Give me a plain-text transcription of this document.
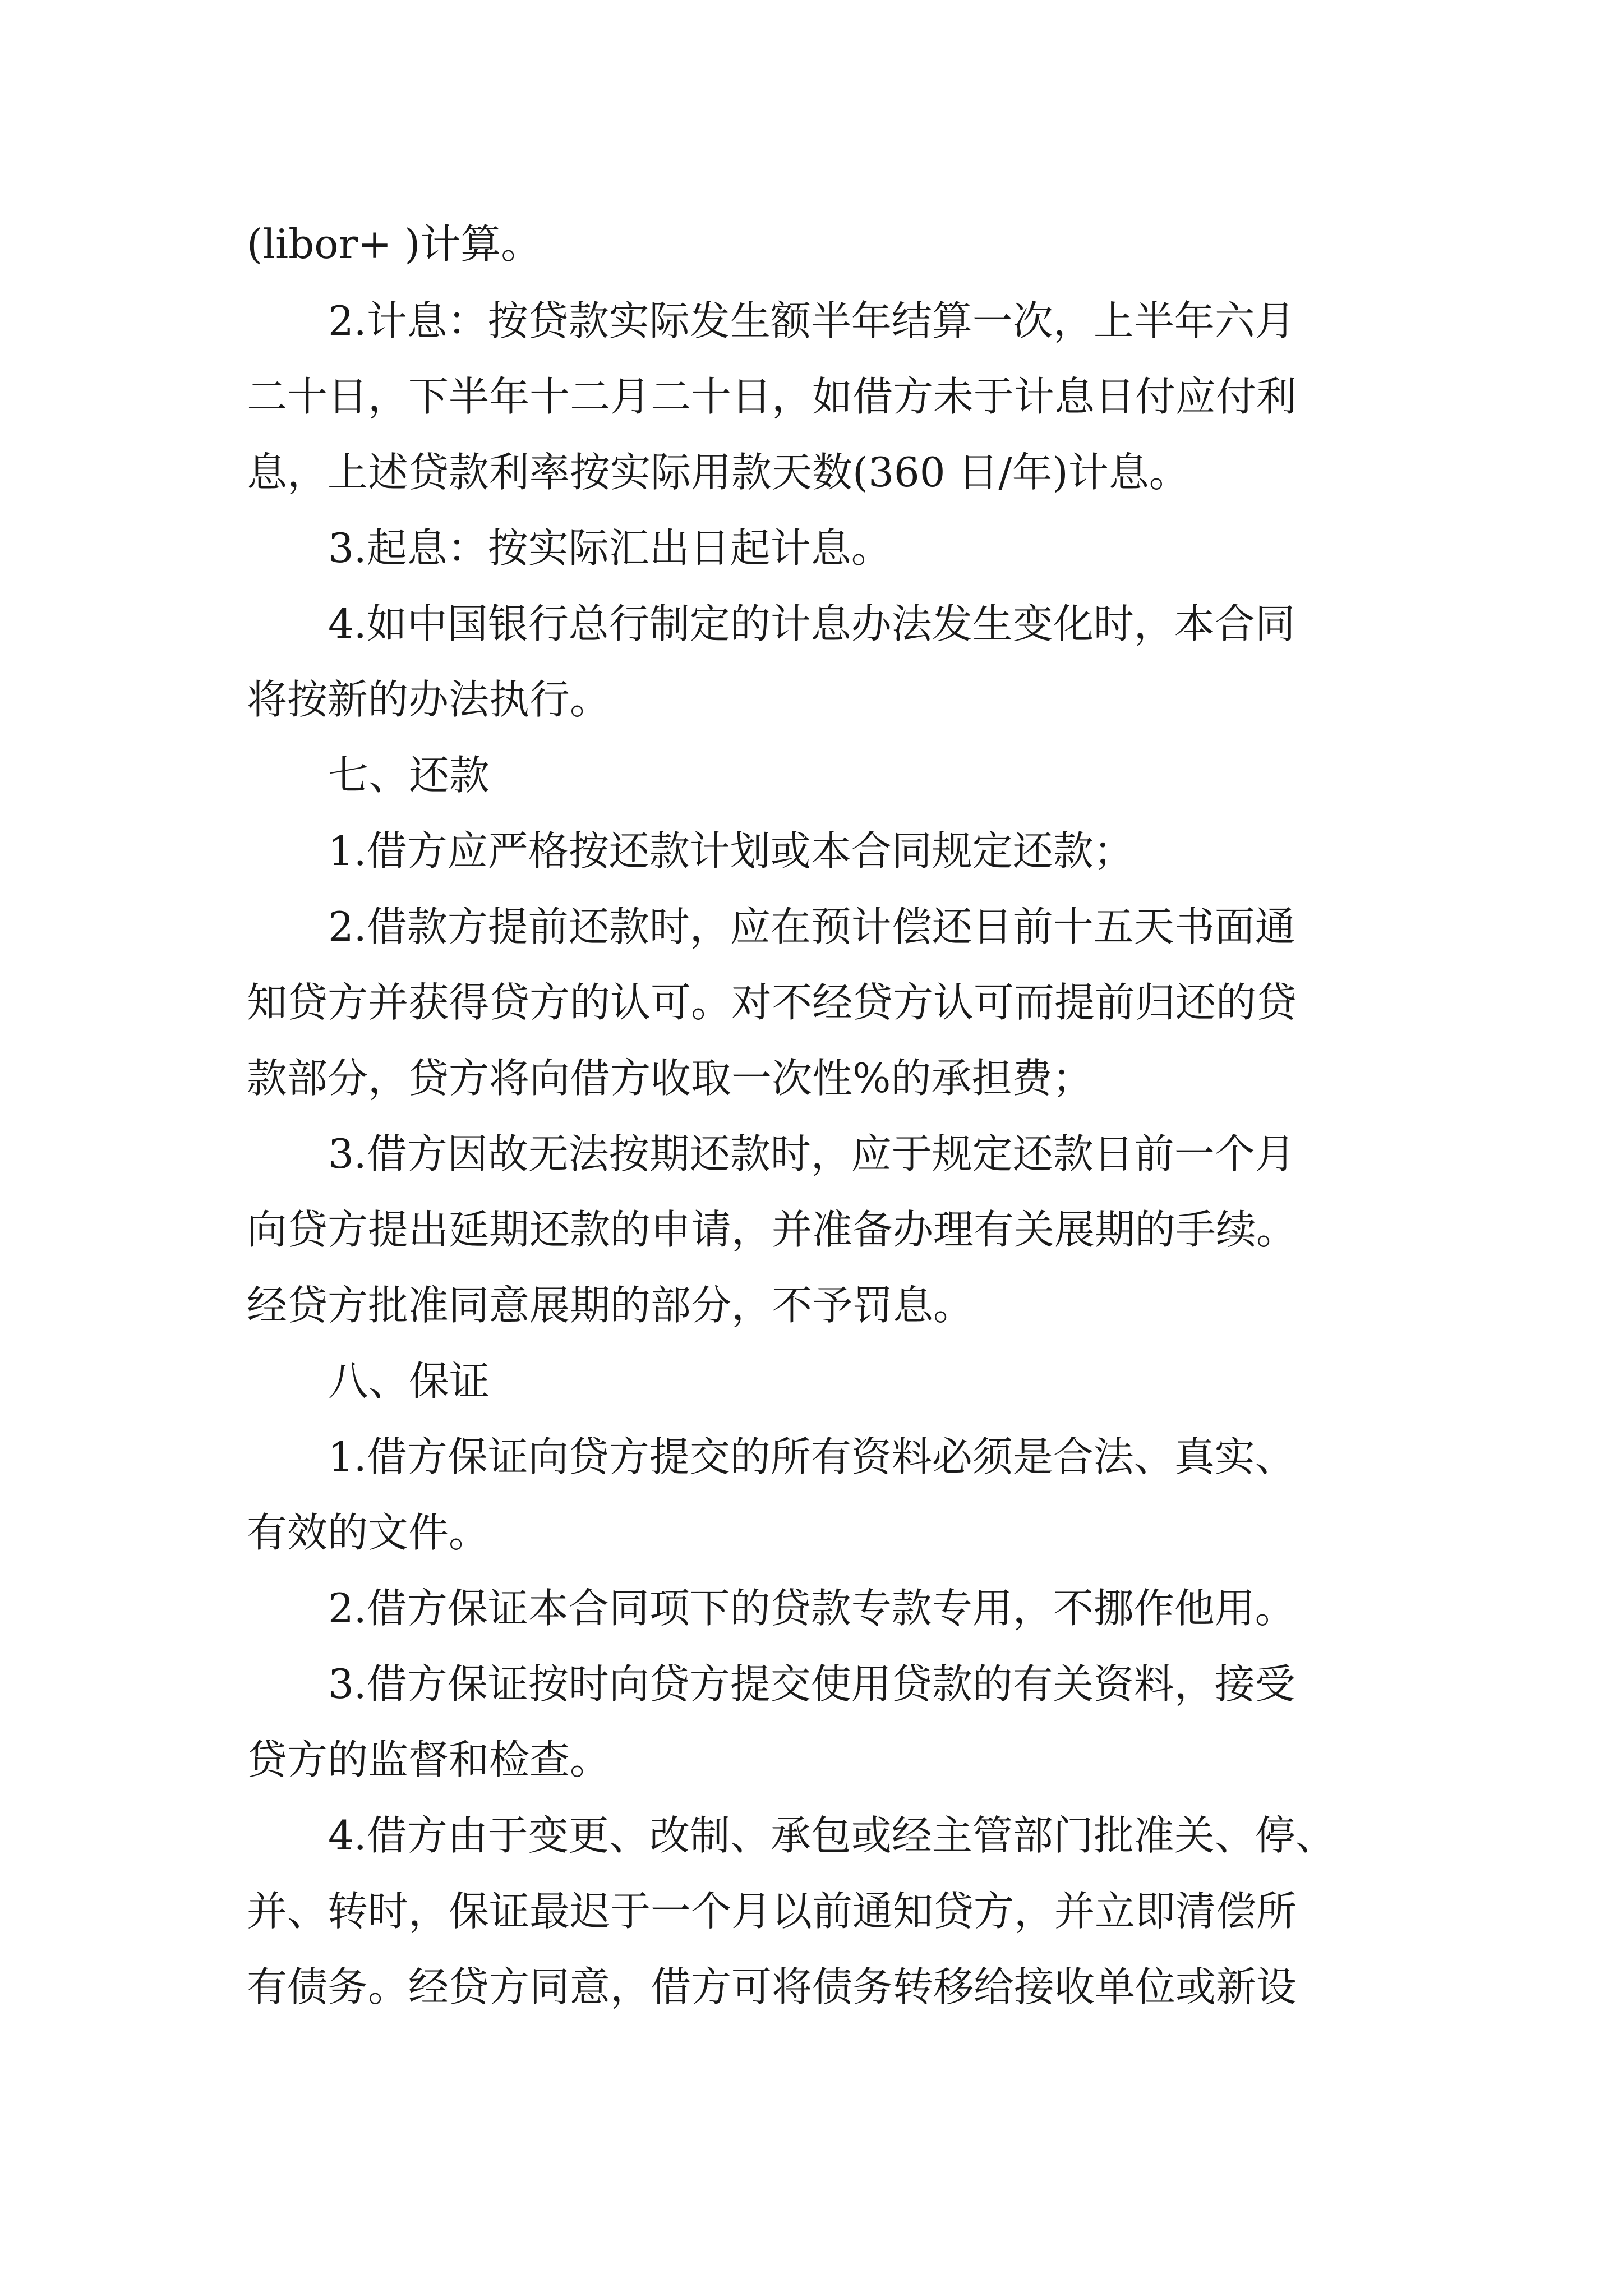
(libor+ )计算。

2.计息：按贷款实际发生额半年结算一次，上半年六月

二十日，下半年十二月二十日，如借方未于计息日付应付利

息，上述贷款利率按实际用款天数(360 日/年)计息。

3.起息：按实际汇出日起计息。

4.如中国银行总行制定的计息办法发生变化时，本合同

将按新的办法执行。

七、还款

1.借方应严格按还款计划或本合同规定还款；

2.借款方提前还款时，应在预计偿还日前十五天书面通

知贷方并获得贷方的认可。对不经贷方认可而提前归还的贷

款部分，贷方将向借方收取一次性%的承担费；

3.借方因故无法按期还款时，应于规定还款日前一个月

向贷方提出延期还款的申请，并准备办理有关展期的手续。

经贷方批准同意展期的部分，不予罚息。

八、保证

1.借方保证向贷方提交的所有资料必须是合法、真实、

有效的文件。

2.借方保证本合同项下的贷款专款专用，不挪作他用。

3.借方保证按时向贷方提交使用贷款的有关资料，接受

贷方的监督和检查。

4.借方由于变更、改制、承包或经主管部门批准关、停、

并、转时，保证最迟于一个月以前通知贷方，并立即清偿所

有债务。经贷方同意，借方可将债务转移给接收单位或新设
